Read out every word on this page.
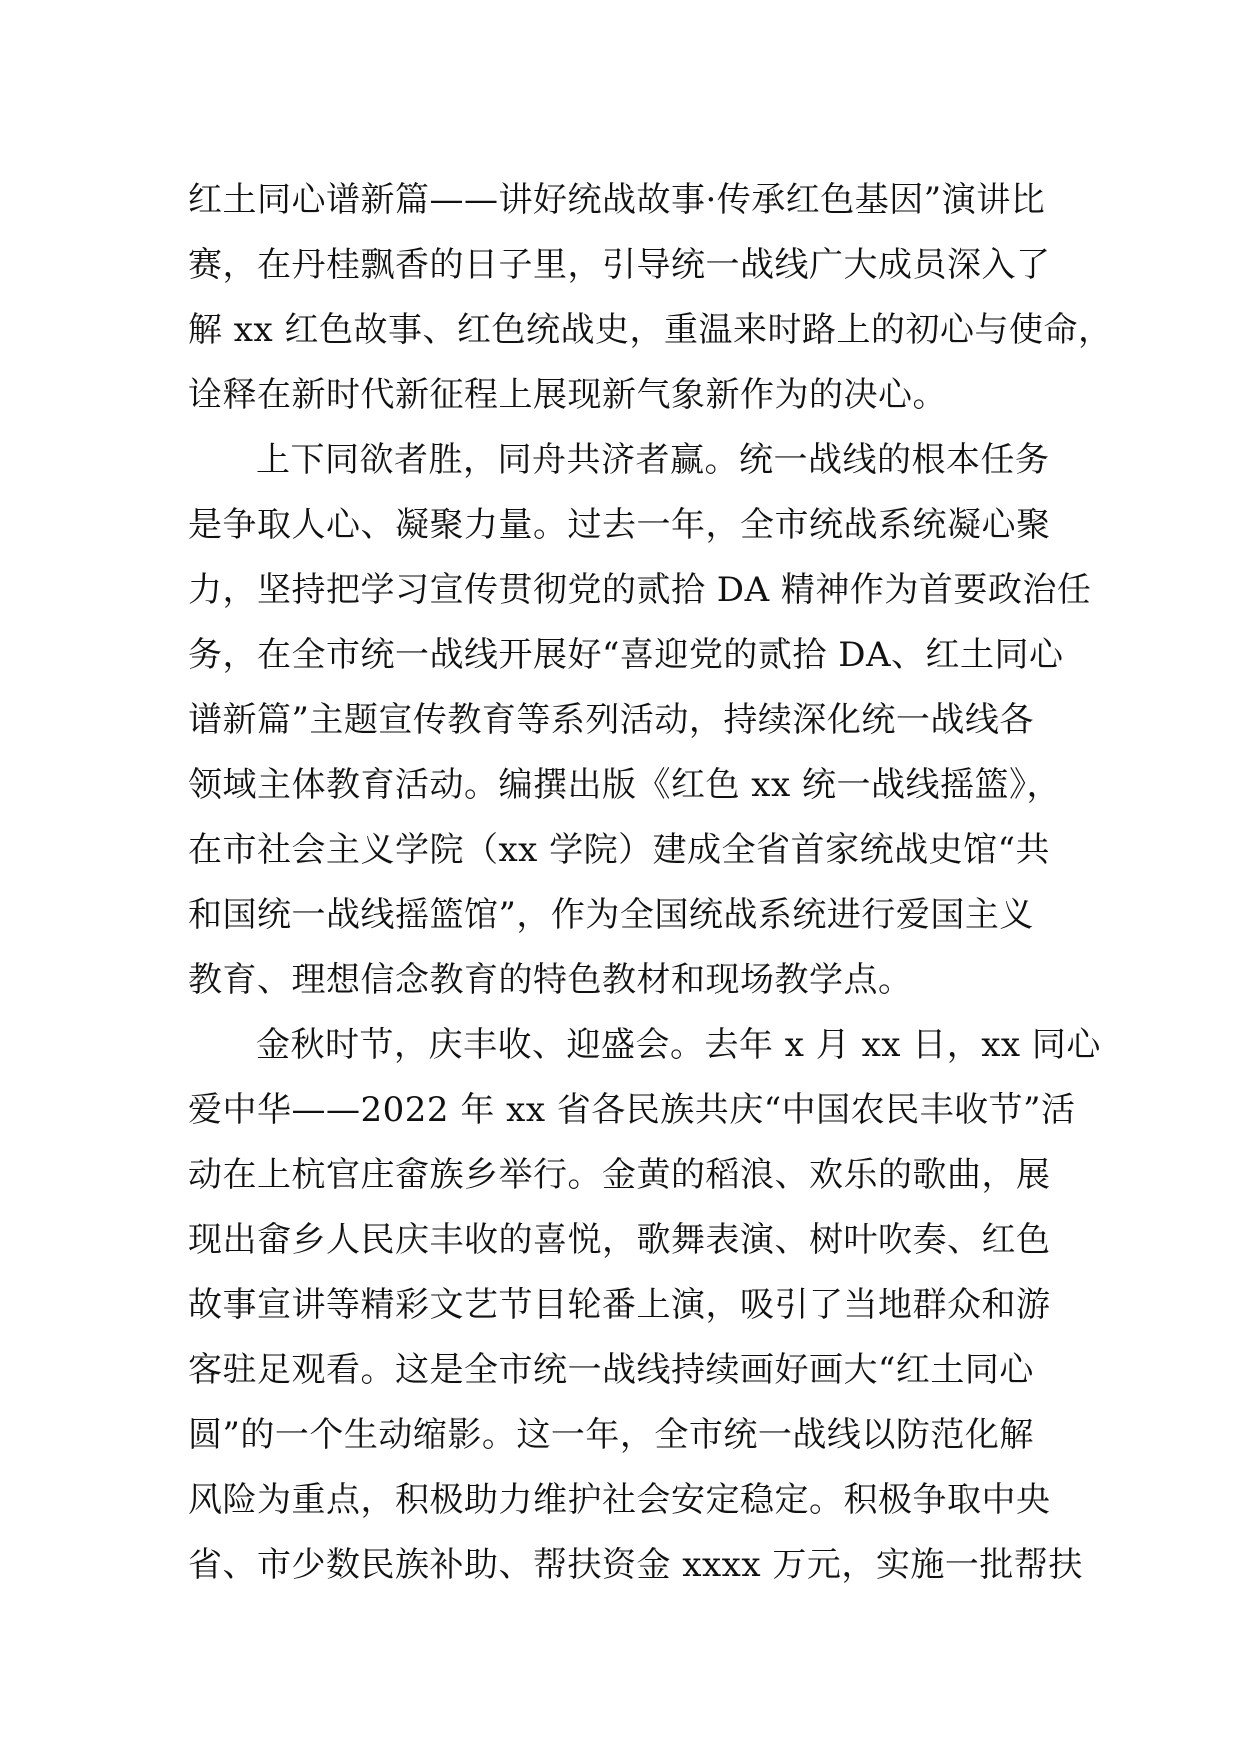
红土同心谱新篇——讲好统战故事·传承红色基因”演讲比
赛，在丹桂飘香的日子里，引导统一战线广大成员深入了
解 xx 红色故事、红色统战史，重温来时路上的初心与使命，
诠释在新时代新征程上展现新气象新作为的决心。

上下同欲者胜，同舟共济者赢。统一战线的根本任务
是争取人心、凝聚力量。过去一年，全市统战系统凝心聚
力，坚持把学习宣传贯彻党的贰拾 DA 精神作为首要政治任
务，在全市统一战线开展好“喜迎党的贰拾 DA、红土同心
谱新篇”主题宣传教育等系列活动，持续深化统一战线各
领域主体教育活动。编撰出版《红色 xx 统一战线摇篮》，
在市社会主义学院（xx 学院）建成全省首家统战史馆“共
和国统一战线摇篮馆”，作为全国统战系统进行爱国主义
教育、理想信念教育的特色教材和现场教学点。

金秋时节，庆丰收、迎盛会。去年 x 月 xx 日，xx 同心
爱中华——2022 年 xx 省各民族共庆“中国农民丰收节”活
动在上杭官庄畲族乡举行。金黄的稻浪、欢乐的歌曲，展
现出畲乡人民庆丰收的喜悦，歌舞表演、树叶吹奏、红色
故事宣讲等精彩文艺节目轮番上演，吸引了当地群众和游
客驻足观看。这是全市统一战线持续画好画大“红土同心
圆”的一个生动缩影。这一年，全市统一战线以防范化解
风险为重点，积极助力维护社会安定稳定。积极争取中央
省、市少数民族补助、帮扶资金 xxxx 万元，实施一批帮扶
